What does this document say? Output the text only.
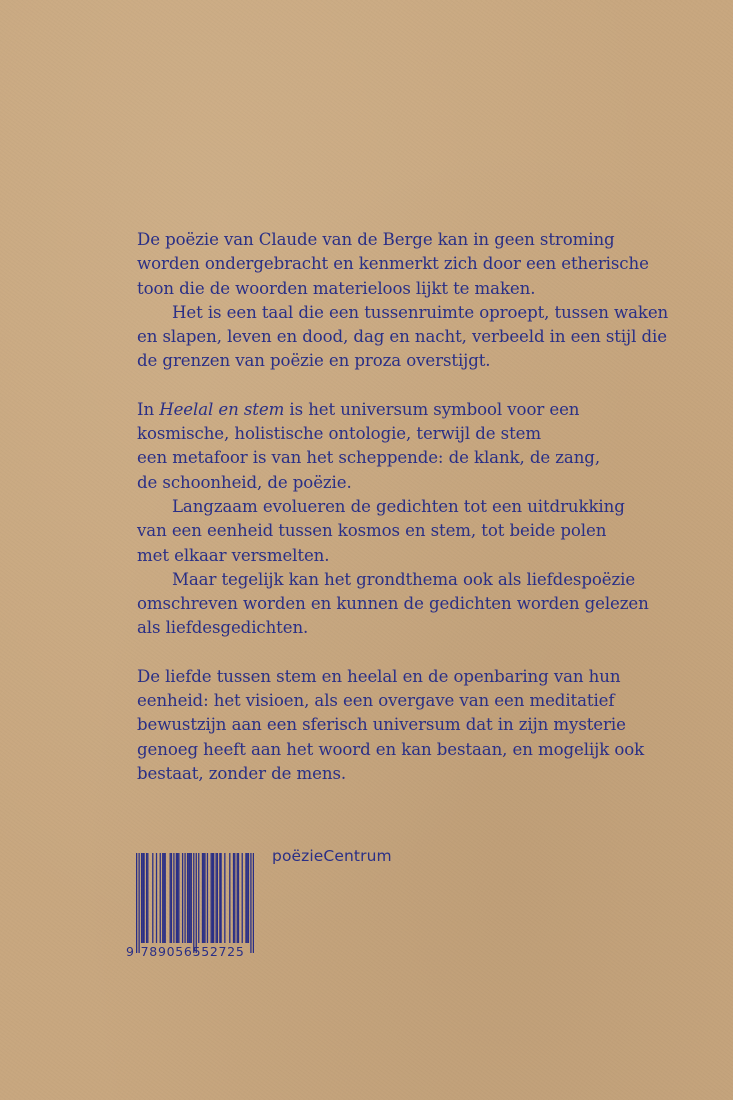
De poëzie van Claude van de Berge kan in geen stroming
worden ondergebracht en kenmerkt zich door een etherische
toon die de woorden materieloos lijkt te maken.
Het is een taal die een tussenruimte oproept, tussen waken
en slapen, leven en dood, dag en nacht, verbeeld in een stijl die
de grenzen van poëzie en proza overstijgt.
In Heelal en stem is het universum symbool voor een
kosmische, holistische ontologie, terwijl de stem
een metafoor is van het scheppende: de klank, de zang,
de schoonheid, de poëzie.
Langzaam evolueren de gedichten tot een uitdrukking
van een eenheid tussen kosmos en stem, tot beide polen
met elkaar versmelten.
Maar tegelijk kan het grondthema ook als liefdespoëzie
omschreven worden en kunnen de gedichten worden gelezen
als liefdesgedichten.
De liefde tussen stem en heelal en de openbaring van hun
eenheid: het visioen, als een overgave van een meditatief
bewustzijn aan een sferisch universum dat in zijn mysterie
genoeg heeft aan het woord en kan bestaan, en mogelijk ook
bestaat, zonder de mens.
9 789056552725
poëzieCentrum
